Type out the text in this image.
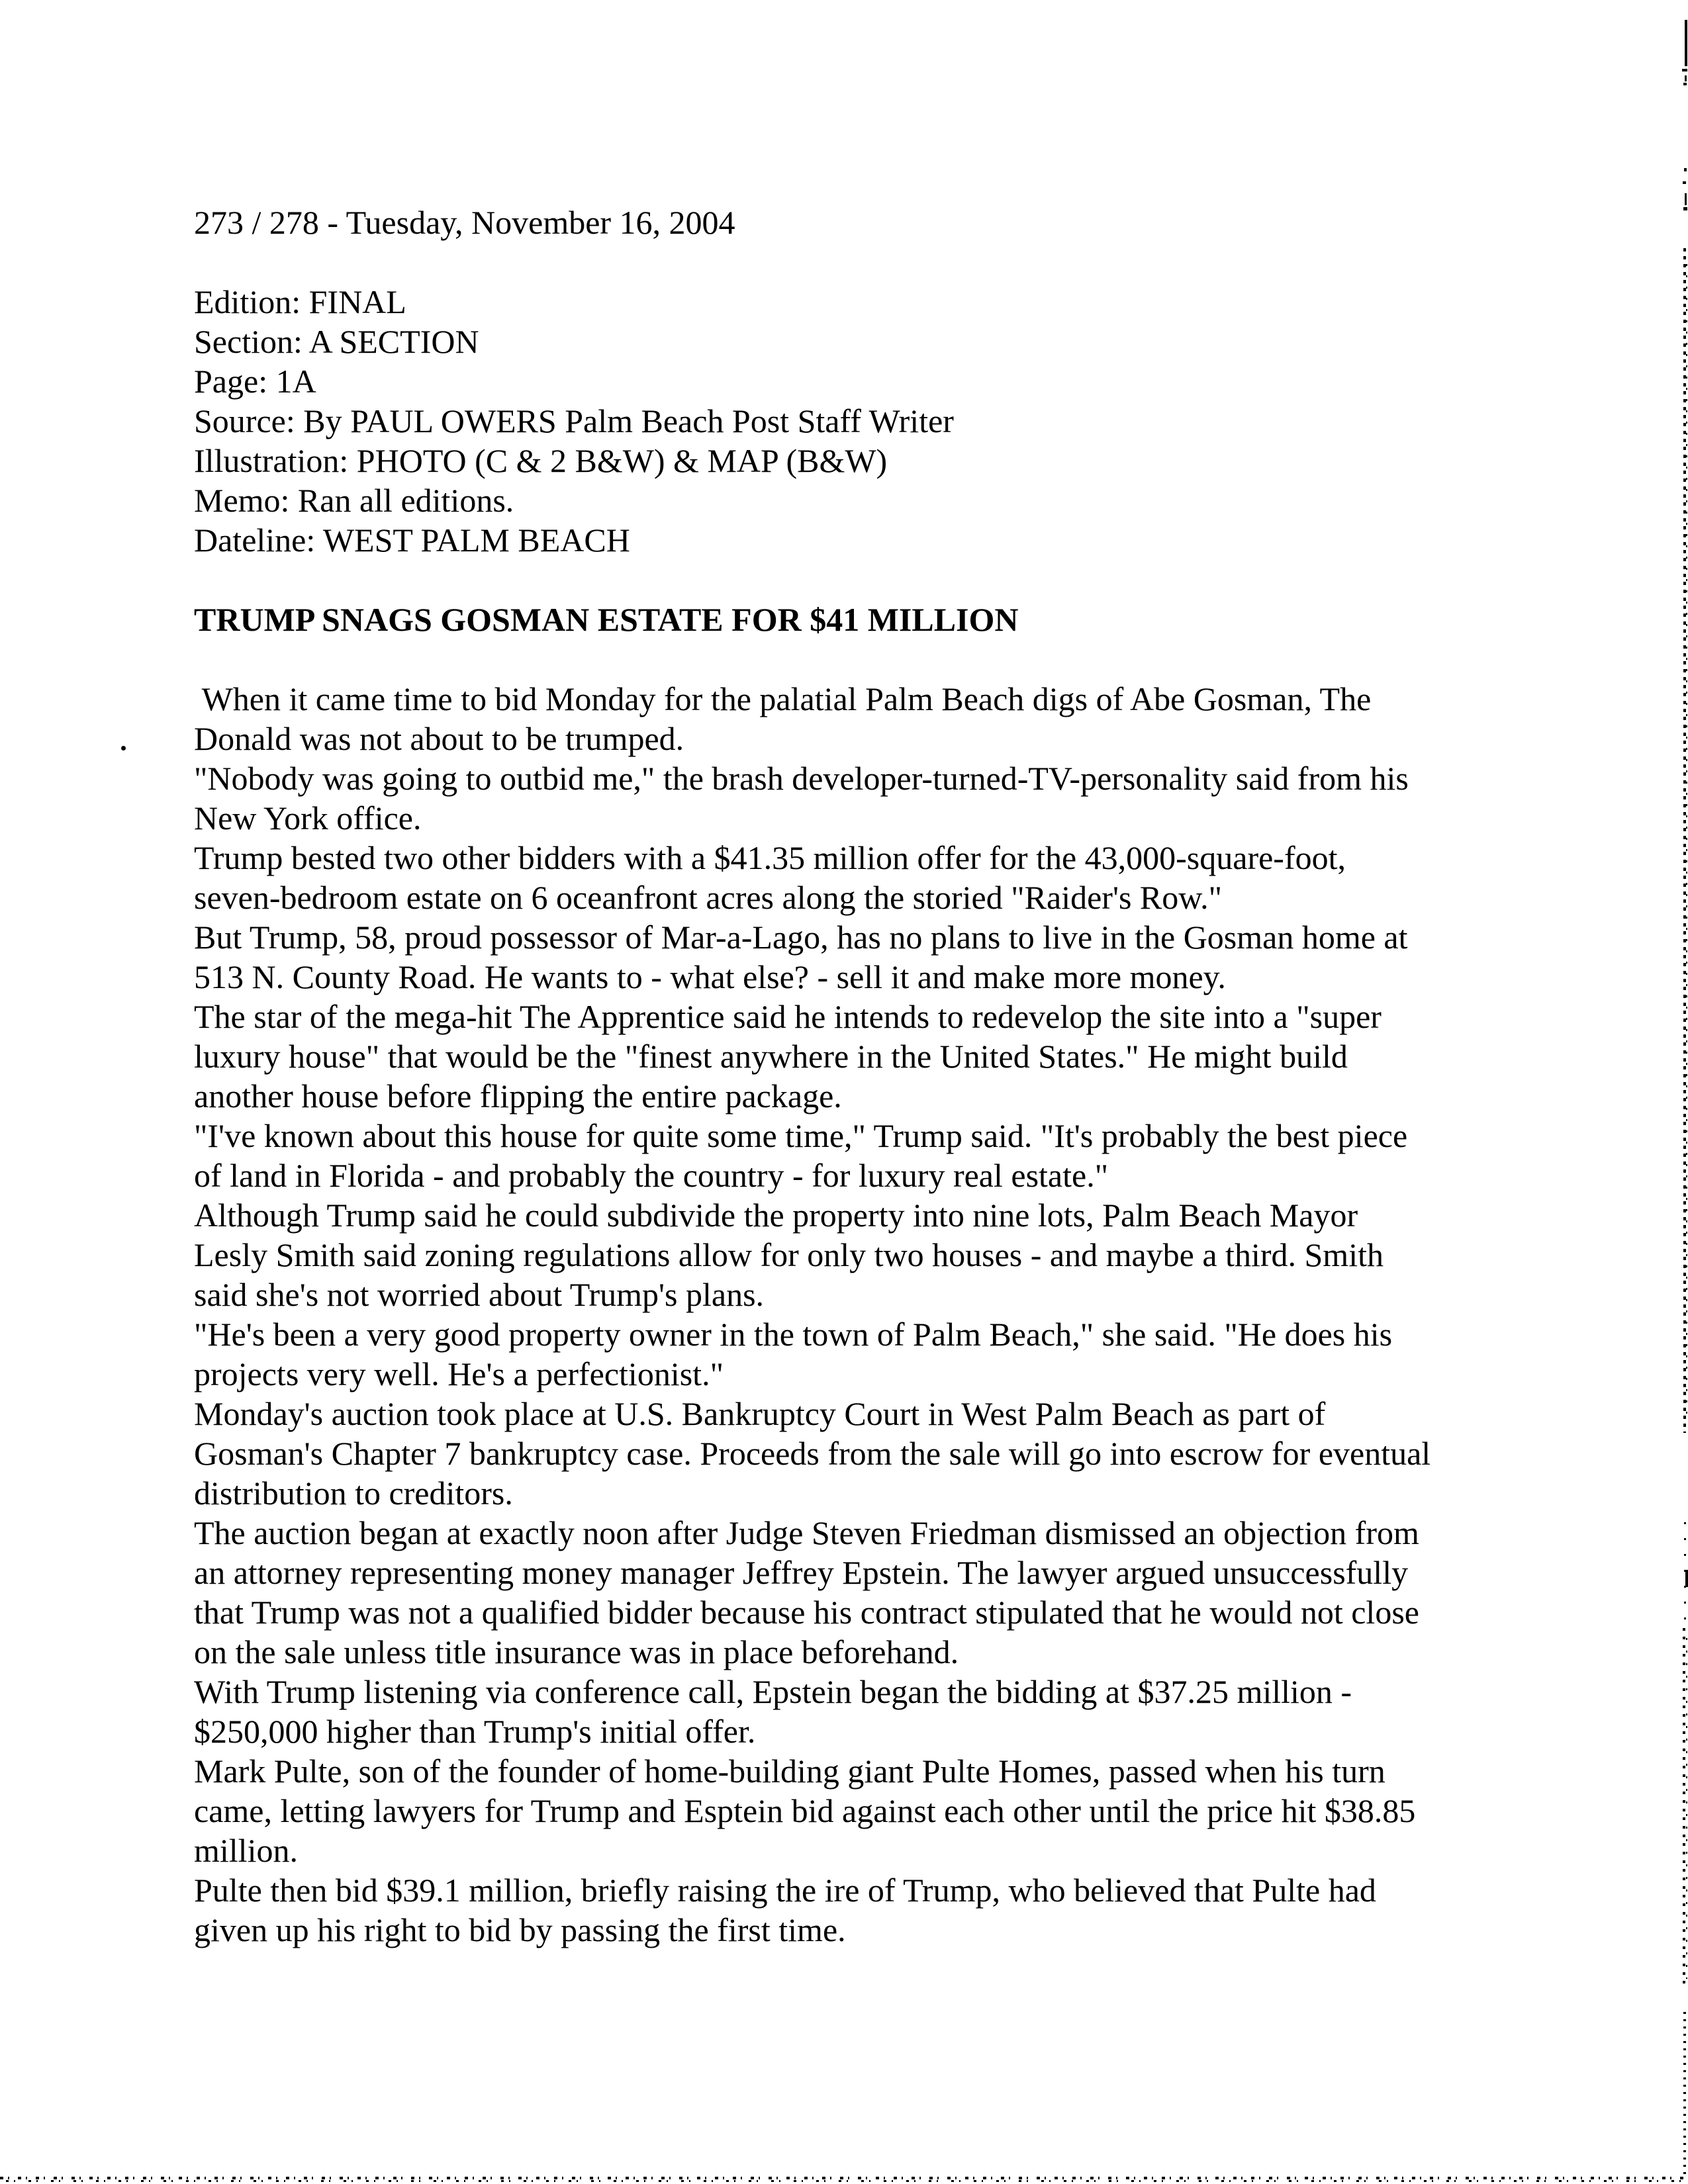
273 / 278 - Tuesday, November 16, 2004
Edition: FINAL
Section: A SECTION
Page: 1A
Source: By PAUL OWERS Palm Beach Post Staff Writer
Illustration: PHOTO (C & 2 B&W) & MAP (B&W)
Memo: Ran all editions.
Dateline: WEST PALM BEACH
TRUMP SNAGS GOSMAN ESTATE FOR $41 MILLION
When it came time to bid Monday for the palatial Palm Beach digs of Abe Gosman, The
Donald was not about to be trumped.
"Nobody was going to outbid me," the brash developer-turned-TV-personality said from his
New York office.
Trump bested two other bidders with a $41.35 million offer for the 43,000-square-foot,
seven-bedroom estate on 6 oceanfront acres along the storied "Raider's Row."
But Trump, 58, proud possessor of Mar-a-Lago, has no plans to live in the Gosman home at
513 N. County Road. He wants to - what else? - sell it and make more money.
The star of the mega-hit The Apprentice said he intends to redevelop the site into a "super
luxury house" that would be the "finest anywhere in the United States." He might build
another house before flipping the entire package.
"I've known about this house for quite some time," Trump said. "It's probably the best piece
of land in Florida - and probably the country - for luxury real estate."
Although Trump said he could subdivide the property into nine lots, Palm Beach Mayor
Lesly Smith said zoning regulations allow for only two houses - and maybe a third. Smith
said she's not worried about Trump's plans.
"He's been a very good property owner in the town of Palm Beach," she said. "He does his
projects very well. He's a perfectionist."
Monday's auction took place at U.S. Bankruptcy Court in West Palm Beach as part of
Gosman's Chapter 7 bankruptcy case. Proceeds from the sale will go into escrow for eventual
distribution to creditors.
The auction began at exactly noon after Judge Steven Friedman dismissed an objection from
an attorney representing money manager Jeffrey Epstein. The lawyer argued unsuccessfully
that Trump was not a qualified bidder because his contract stipulated that he would not close
on the sale unless title insurance was in place beforehand.
With Trump listening via conference call, Epstein began the bidding at $37.25 million -
$250,000 higher than Trump's initial offer.
Mark Pulte, son of the founder of home-building giant Pulte Homes, passed when his turn
came, letting lawyers for Trump and Esptein bid against each other until the price hit $38.85
million.
Pulte then bid $39.1 million, briefly raising the ire of Trump, who believed that Pulte had
given up his right to bid by passing the first time.
